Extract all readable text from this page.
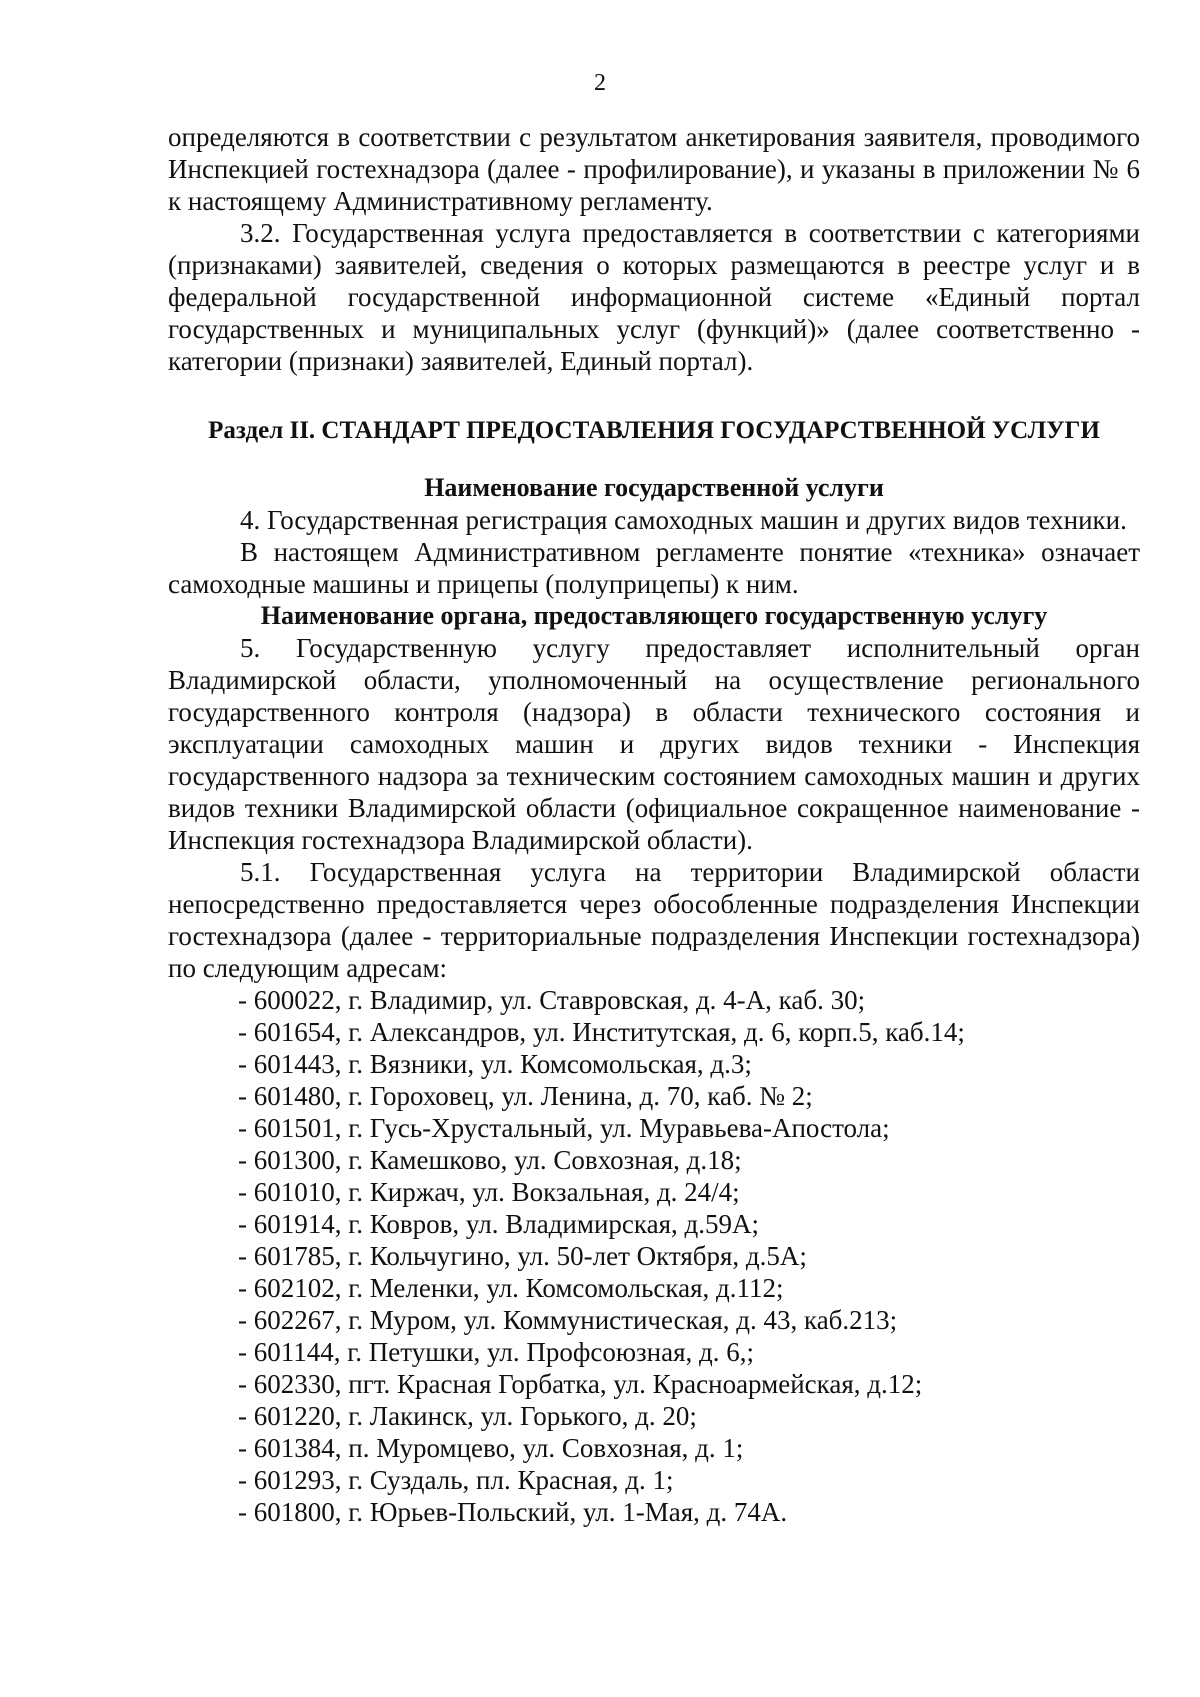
2

определяются в соответствии с результатом анкетирования заявителя, проводимого Инспекцией гостехнадзора (далее - профилирование), и указаны в приложении № 6 к настоящему Административному регламенту.

3.2. Государственная услуга предоставляется в соответствии с категориями (признаками) заявителей, сведения о которых размещаются в реестре услуг и в федеральной государственной информационной системе «Единый портал государственных и муниципальных услуг (функций)» (далее соответственно - категории (признаки) заявителей, Единый портал).

Раздел II. СТАНДАРТ ПРЕДОСТАВЛЕНИЯ ГОСУДАРСТВЕННОЙ УСЛУГИ
Наименование государственной услуги

4. Государственная регистрация самоходных машин и других видов техники.

В настоящем Административном регламенте понятие «техника» означает самоходные машины и прицепы (полуприцепы) к ним.

Наименование органа, предоставляющего государственную услугу

5. Государственную услугу предоставляет исполнительный орган Владимирской области, уполномоченный на осуществление регионального государственного контроля (надзора) в области технического состояния и эксплуатации самоходных машин и других видов техники - Инспекция государственного надзора за техническим состоянием самоходных машин и других видов техники Владимирской области (официальное сокращенное наименование - Инспекция гостехнадзора Владимирской области).

5.1. Государственная услуга на территории Владимирской области непосредственно предоставляется через обособленные подразделения Инспекции гостехнадзора (далее - территориальные подразделения Инспекции гостехнадзора) по следующим адресам:

- 600022, г. Владимир, ул. Ставровская, д. 4-А, каб. 30;
- 601654, г. Александров, ул. Институтская, д. 6, корп.5, каб.14;
- 601443, г. Вязники, ул. Комсомольская, д.3;
- 601480, г. Гороховец, ул. Ленина, д. 70, каб. № 2;
- 601501, г. Гусь-Хрустальный, ул. Муравьева-Апостола;
- 601300, г. Камешково, ул. Совхозная, д.18;
- 601010, г. Киржач, ул. Вокзальная, д. 24/4;
- 601914, г. Ковров, ул. Владимирская, д.59А;
- 601785, г. Кольчугино, ул. 50-лет Октября, д.5А;
- 602102, г. Меленки, ул. Комсомольская, д.112;
- 602267, г. Муром, ул. Коммунистическая, д. 43, каб.213;
- 601144, г. Петушки, ул. Профсоюзная, д. 6,;
- 602330, пгт. Красная Горбатка, ул. Красноармейская, д.12;
- 601220, г. Лакинск, ул. Горького, д. 20;
- 601384, п. Муромцево, ул. Совхозная, д. 1;
- 601293, г. Суздаль, пл. Красная, д. 1;
- 601800, г. Юрьев-Польский, ул. 1-Мая, д. 74А.
